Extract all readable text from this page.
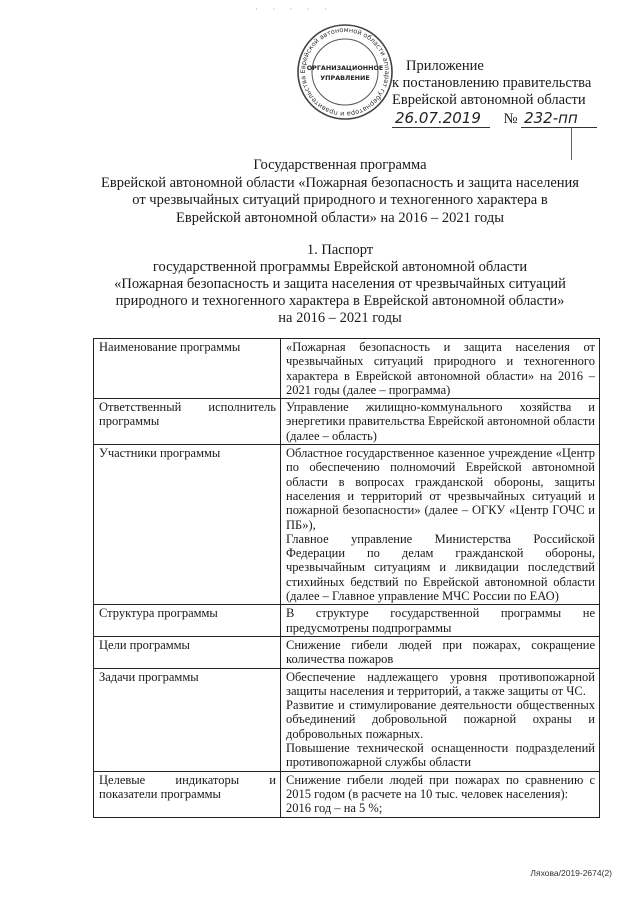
· · · · ·
аппарат губернатора и правительства Еврейской автономной области
ОРГАНИЗАЦИОННОЕ
УПРАВЛЕНИЕ
Приложение
к постановлению правительства
Еврейской автономной области
26.07.2019 № 232-пп
Государственная программа
Еврейской автономной области «Пожарная безопасность и защита населения
от чрезвычайных ситуаций природного и техногенного характера в
Еврейской автономной области» на 2016 – 2021 годы
1. Паспорт
государственной программы Еврейской автономной области
«Пожарная безопасность и защита населения от чрезвычайных ситуаций
природного и техногенного характера в Еврейской автономной области»
на 2016 – 2021 годы
Наименование программы	«Пожарная безопасность и защита населения от чрезвычайных ситуаций природного и техногенного характера в Еврейской автономной области» на 2016 – 2021 годы (далее – программа)
Ответственный исполнитель программы	Управление жилищно-коммунального хозяйства и энергетики правительства Еврейской автономной области (далее – область)
Участники программы	Областное государственное казенное учреждение «Центр по обеспечению полномочий Еврейской автономной области в вопросах гражданской обороны, защиты населения и территорий от чрезвычайных ситуаций и пожарной безопасности» (далее – ОГКУ «Центр ГОЧС и ПБ»),
Главное управление Министерства Российской Федерации по делам гражданской обороны, чрезвычайным ситуациям и ликвидации последствий стихийных бедствий по Еврейской автономной области (далее – Главное управление МЧС России по ЕАО)

Структура программы	В структуре государственной программы не предусмотрены подпрограммы
Цели программы	Снижение гибели людей при пожарах, сокращение количества пожаров
Задачи программы	Обеспечение надлежащего уровня противопожарной защиты населения и территорий, а также защиты от ЧС.
Развитие и стимулирование деятельности общественных объединений добровольной пожарной охраны и добровольных пожарных.
Повышение технической оснащенности подразделений противопожарной службы области

Целевые индикаторы и показатели программы	Снижение гибели людей при пожарах по сравнению с 2015 годом (в расчете на 10 тыс. человек населения):
2016 год – на 5 %;
Ляхова/2019-2674(2)
